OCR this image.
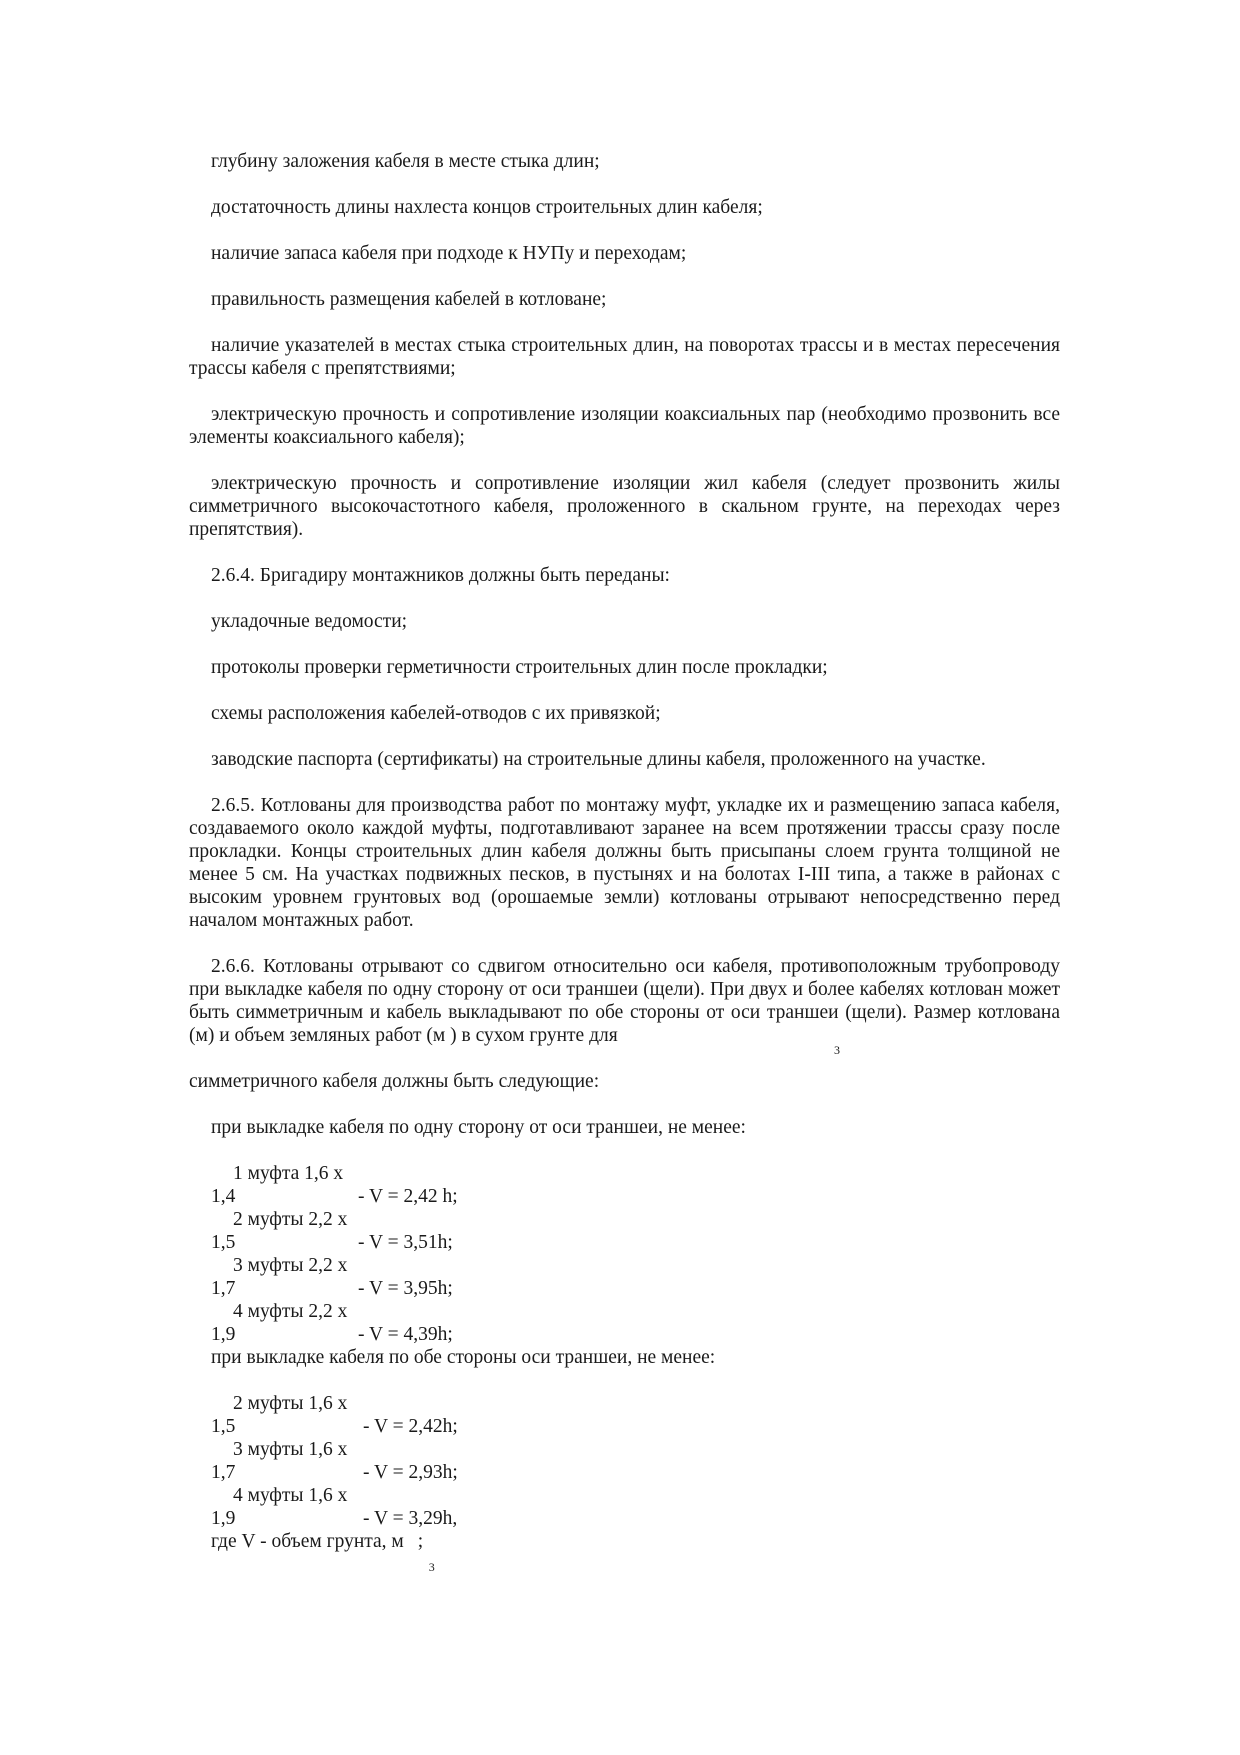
глубину заложения кабеля в месте стыка длин;

достаточность длины нахлеста концов строительных длин кабеля;

наличие запаса кабеля при подходе к НУПу и переходам;

правильность размещения кабелей в котловане;

наличие указателей в местах стыка строительных длин, на поворотах трассы и в местах пересечения трассы кабеля с препятствиями;

электрическую прочность и сопротивление изоляции коаксиальных пар (необходимо прозвонить все элементы коаксиального кабеля);

электрическую прочность и сопротивление изоляции жил кабеля (следует прозвонить жилы симметричного высокочастотного кабеля, проложенного в скальном грунте, на переходах через препятствия).

2.6.4. Бригадиру монтажников должны быть переданы:

укладочные ведомости;

протоколы проверки герметичности строительных длин после прокладки;

схемы расположения кабелей-отводов с их привязкой;

заводские паспорта (сертификаты) на строительные длины кабеля, проложенного на участке.

2.6.5. Котлованы для производства работ по монтажу муфт, укладке их и размещению запаса кабеля, создаваемого около каждой муфты, подготавливают заранее на всем протяжении трассы сразу после прокладки. Концы строительных длин кабеля должны быть присыпаны слоем грунта толщиной не менее 5 см. На участках подвижных песков, в пустынях и на болотах I-III типа, а также в районах с высоким уровнем грунтовых вод (орошаемые земли) котлованы отрывают непосредственно перед началом монтажных работ.

2.6.6. Котлованы отрывают со сдвигом относительно оси кабеля, противоположным трубопроводу при выкладке кабеля по одну сторону от оси траншеи (щели). При двух и более кабелях котлован может быть симметричным и кабель выкладывают по обе стороны от оси траншеи (щели). Размер котлована (м) и объем земляных работ (м ) в сухом грунте для

3

симметричного кабеля должны быть следующие:

при выкладке кабеля по одну сторону от оси траншеи, не менее:

1 муфта 1,6 х 1,4	- V = 2,42 h;
2 муфты 2,2 х 1,5	- V = 3,51h;
3 муфты 2,2 х 1,7	- V = 3,95h;
4 муфты 2,2 х 1,9	- V = 4,39h;

при выкладке кабеля по обе стороны оси траншеи, не менее:

2 муфты 1,6 х 1,5	- V = 2,42h;
3 муфты 1,6 х 1,7	- V = 2,93h;
4 муфты 1,6 х 1,9	- V = 3,29h,
где V - объем грунта, м
3
;
